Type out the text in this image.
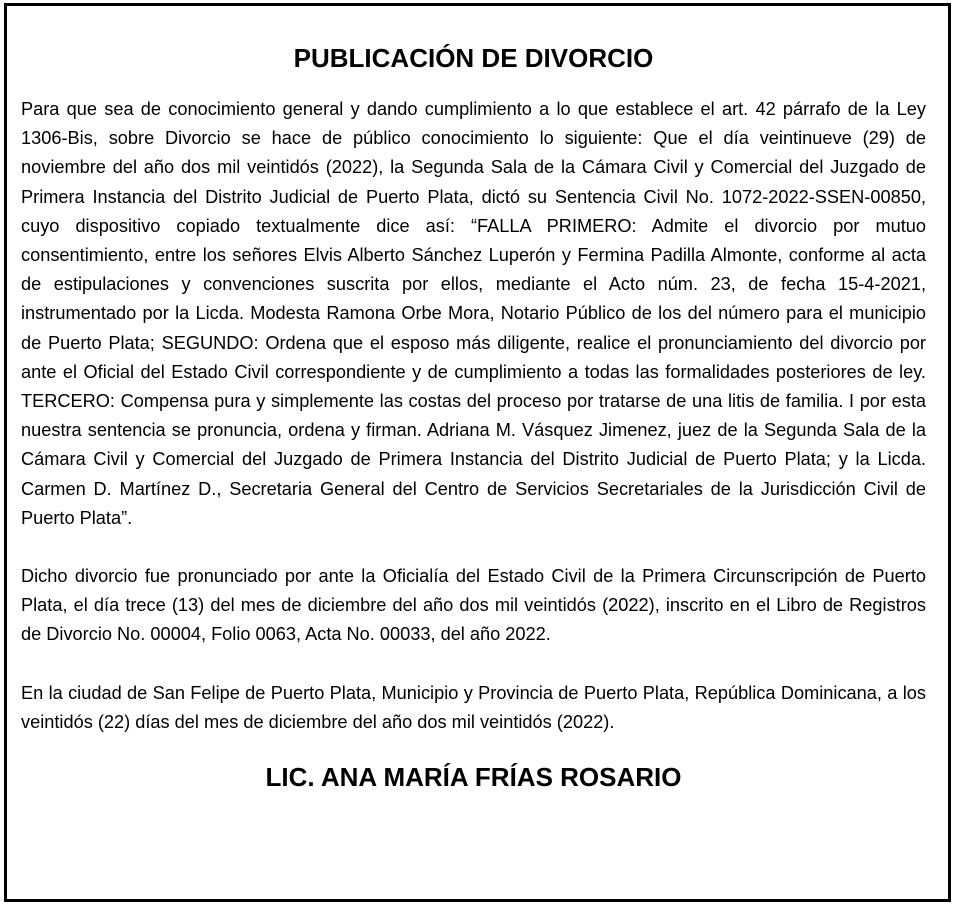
PUBLICACIÓN DE DIVORCIO

Para que sea de conocimiento general y dando cumplimiento a lo que establece el art. 42 párrafo de la Ley 1306-Bis, sobre Divorcio se hace de público conocimiento lo siguiente: Que el día veintinueve (29) de noviembre del año dos mil veintidós (2022), la Segunda Sala de la Cámara Civil y Comercial del Juzgado de Primera Instancia del Distrito Judicial de Puerto Plata, dictó su Sentencia Civil No. 1072-2022-SSEN-00850, cuyo dispositivo copiado textualmente dice así: “FALLA PRIMERO: Admite el divorcio por mutuo consentimiento, entre los señores Elvis Alberto Sánchez Luperón y Fermina Padilla Almonte, conforme al acta de estipulaciones y convenciones suscrita por ellos, mediante el Acto núm. 23, de fecha 15-4-2021, instrumentado por la Licda. Modesta Ramona Orbe Mora, Notario Público de los del número para el municipio de Puerto Plata; SEGUNDO: Ordena que el esposo más diligente, realice el pronunciamiento del divorcio por ante el Oficial del Estado Civil correspondiente y de cumplimiento a todas las formalidades posteriores de ley. TERCERO: Compensa pura y simplemente las costas del proceso por tratarse de una litis de familia. I por esta nuestra sentencia se pronuncia, ordena y firman. Adriana M. Vásquez Jimenez, juez de la Segunda Sala de la Cámara Civil y Comercial del Juzgado de Primera Instancia del Distrito Judicial de Puerto Plata; y la Licda. Carmen D. Martínez D., Secretaria General del Centro de Servicios Secretariales de la Jurisdicción Civil de Puerto Plata”.

Dicho divorcio fue pronunciado por ante la Oficialía del Estado Civil de la Primera Circunscripción de Puerto Plata, el día trece (13) del mes de diciembre del año dos mil veintidós (2022), inscrito en el Libro de Registros de Divorcio No. 00004, Folio 0063, Acta No. 00033, del año 2022.

En la ciudad de San Felipe de Puerto Plata, Municipio y Provincia de Puerto Plata, República Dominicana, a los veintidós (22) días del mes de diciembre del año dos mil veintidós (2022).

LIC. ANA MARÍA FRÍAS ROSARIO
